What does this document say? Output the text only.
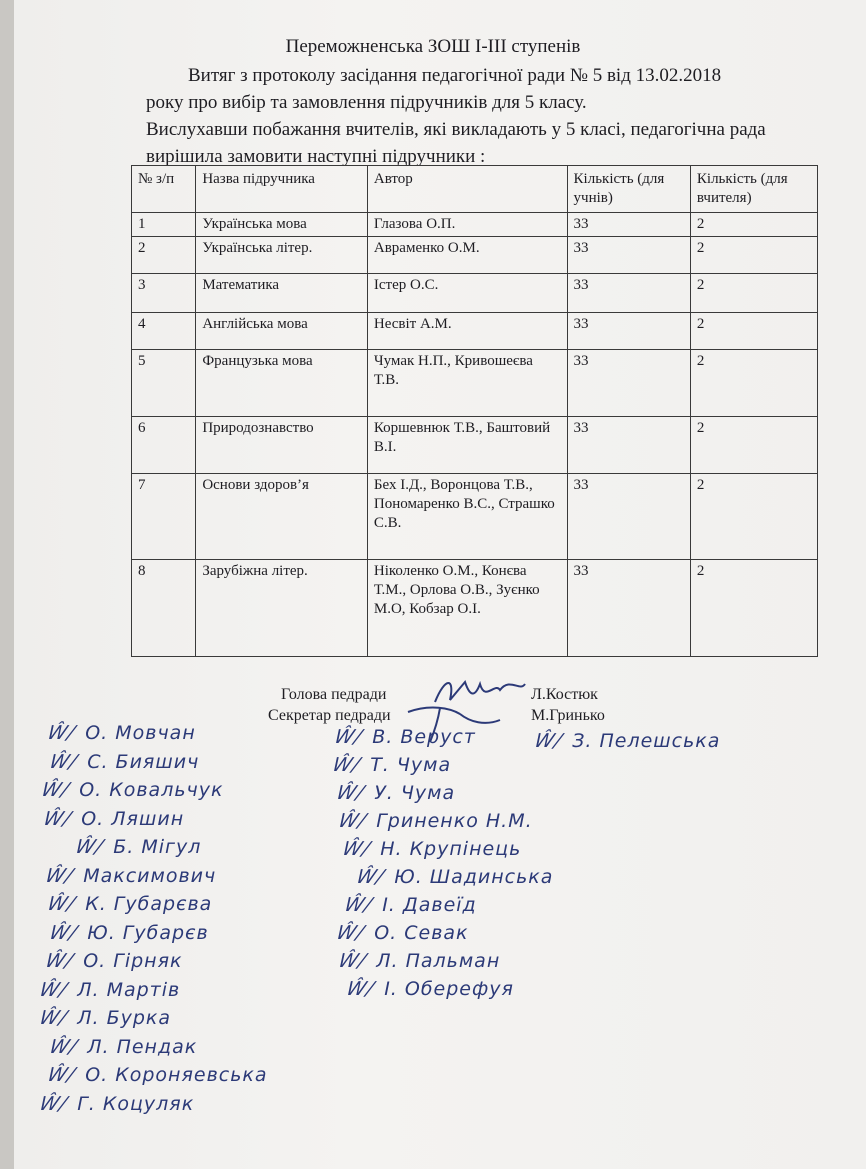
Переможненська ЗОШ І-ІІІ ступенів

Витяг з протоколу засідання педагогічної ради № 5 від 13.02.2018

року про вибір та замовлення підручників для 5 класу.

Вислухавши побажання вчителів, які викладають у 5 класі, педагогічна рада

вирішила замовити наступні підручники :

№ з/п	Назва підручника	Автор	Кількість (для учнів)	Кількість (для вчителя)
1	Українська мова	Глазова О.П.	33	2
2	Українська літер.	Авраменко О.М.	33	2
3	Математика	Істер О.С.	33	2
4	Англійська мова	Несвіт А.М.	33	2
5	Французька мова	Чумак Н.П., Кривошеєва Т.В.	33	2
6	Природознавство	Коршевнюк Т.В., Баштовий В.І.	33	2
7	Основи здоров’я	Бех І.Д., Воронцова Т.В., Пономаренко В.С., Страшко С.В.	33	2
8	Зарубіжна літер.	Ніколенко О.М., Конєва Т.М., Орлова О.В., Зуєнко М.О, Кобзар О.І.	33	2
Голова педради	Л.Костюк
Секретар педради	М.Гринько
Ŵ/ О. Мовчан
Ŵ/ С. Бияшич
Ŵ/ О. Ковальчук
Ŵ/ О. Ляшин
Ŵ/ Б. Мігул
Ŵ/ Максимович
Ŵ/ К. Губарєва
Ŵ/ Ю. Губарєв
Ŵ/ О. Гірняк
Ŵ/ Л. Мартів
Ŵ/ Л. Бурка
Ŵ/ Л. Пендак
Ŵ/ О. Короняевська
Ŵ/ Г. Коцуляк
Ŵ/ В. Веруст
Ŵ/ Т. Чума
Ŵ/ У. Чума
Ŵ/ Гриненко Н.М.
Ŵ/ Н. Крупінець
Ŵ/ Ю. Шадинська
Ŵ/ І. Давеїд
Ŵ/ О. Севак
Ŵ/ Л. Пальман
Ŵ/ І. Оберефуя
Ŵ/ З. Пелешська
